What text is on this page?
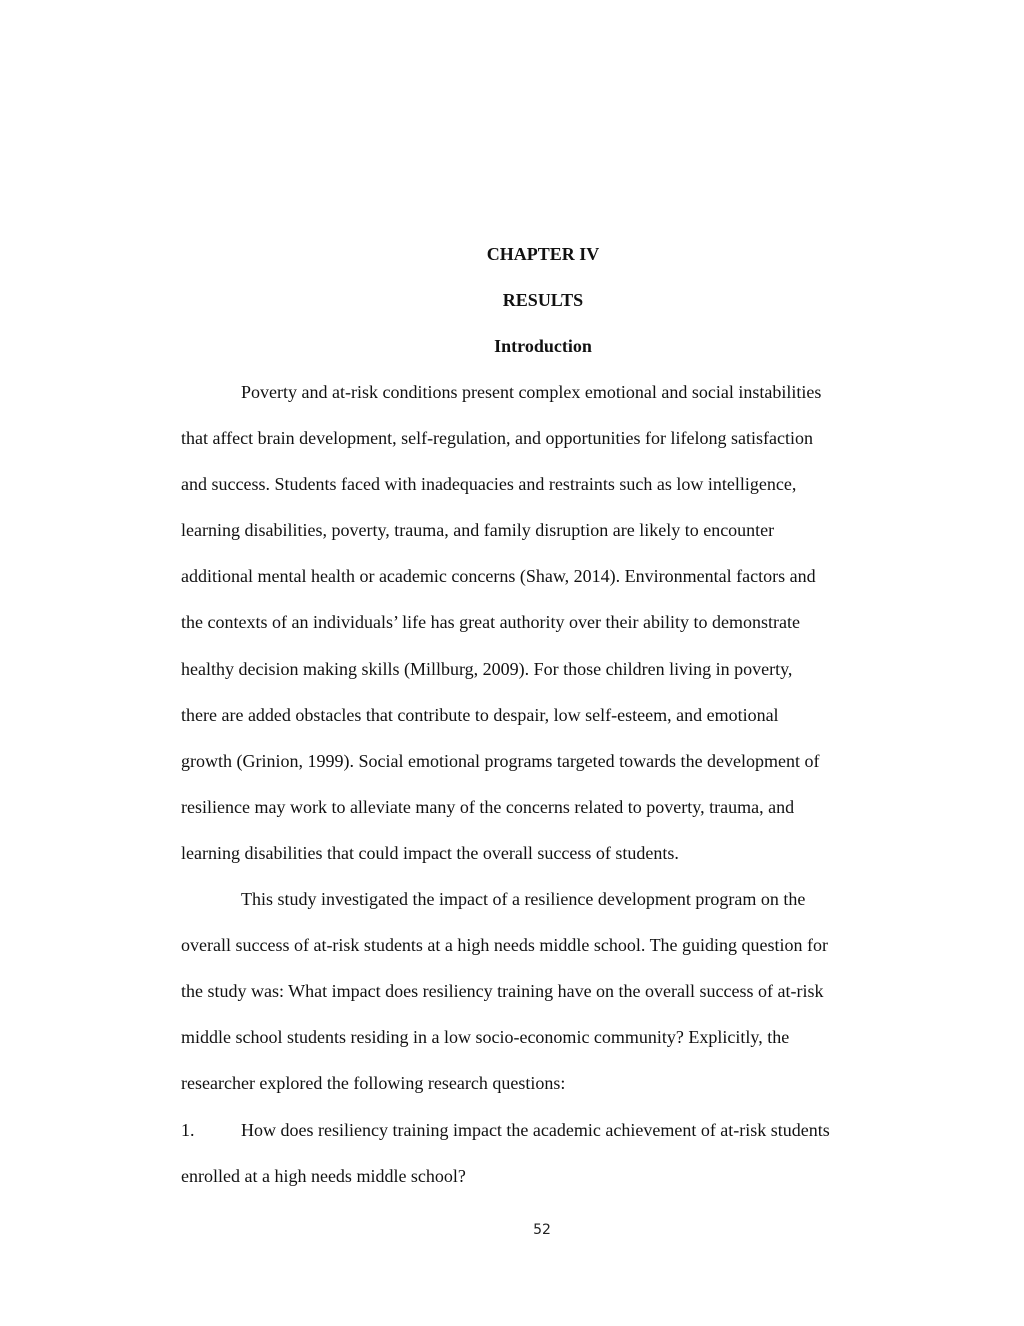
CHAPTER IV
RESULTS
Introduction
Poverty and at-risk conditions present complex emotional and social instabilities
that affect brain development, self-regulation, and opportunities for lifelong satisfaction
and success. Students faced with inadequacies and restraints such as low intelligence,
learning disabilities, poverty, trauma, and family disruption are likely to encounter
additional mental health or academic concerns (Shaw, 2014). Environmental factors and
the contexts of an individuals’ life has great authority over their ability to demonstrate
healthy decision making skills (Millburg, 2009). For those children living in poverty,
there are added obstacles that contribute to despair, low self-esteem, and emotional
growth (Grinion, 1999). Social emotional programs targeted towards the development of
resilience may work to alleviate many of the concerns related to poverty, trauma, and
learning disabilities that could impact the overall success of students.
This study investigated the impact of a resilience development program on the
overall success of at-risk students at a high needs middle school. The guiding question for
the study was: What impact does resiliency training have on the overall success of at-risk
middle school students residing in a low socio-economic community? Explicitly, the
researcher explored the following research questions:
1.	How does resiliency training impact the academic achievement of at-risk students
enrolled at a high needs middle school?
52
